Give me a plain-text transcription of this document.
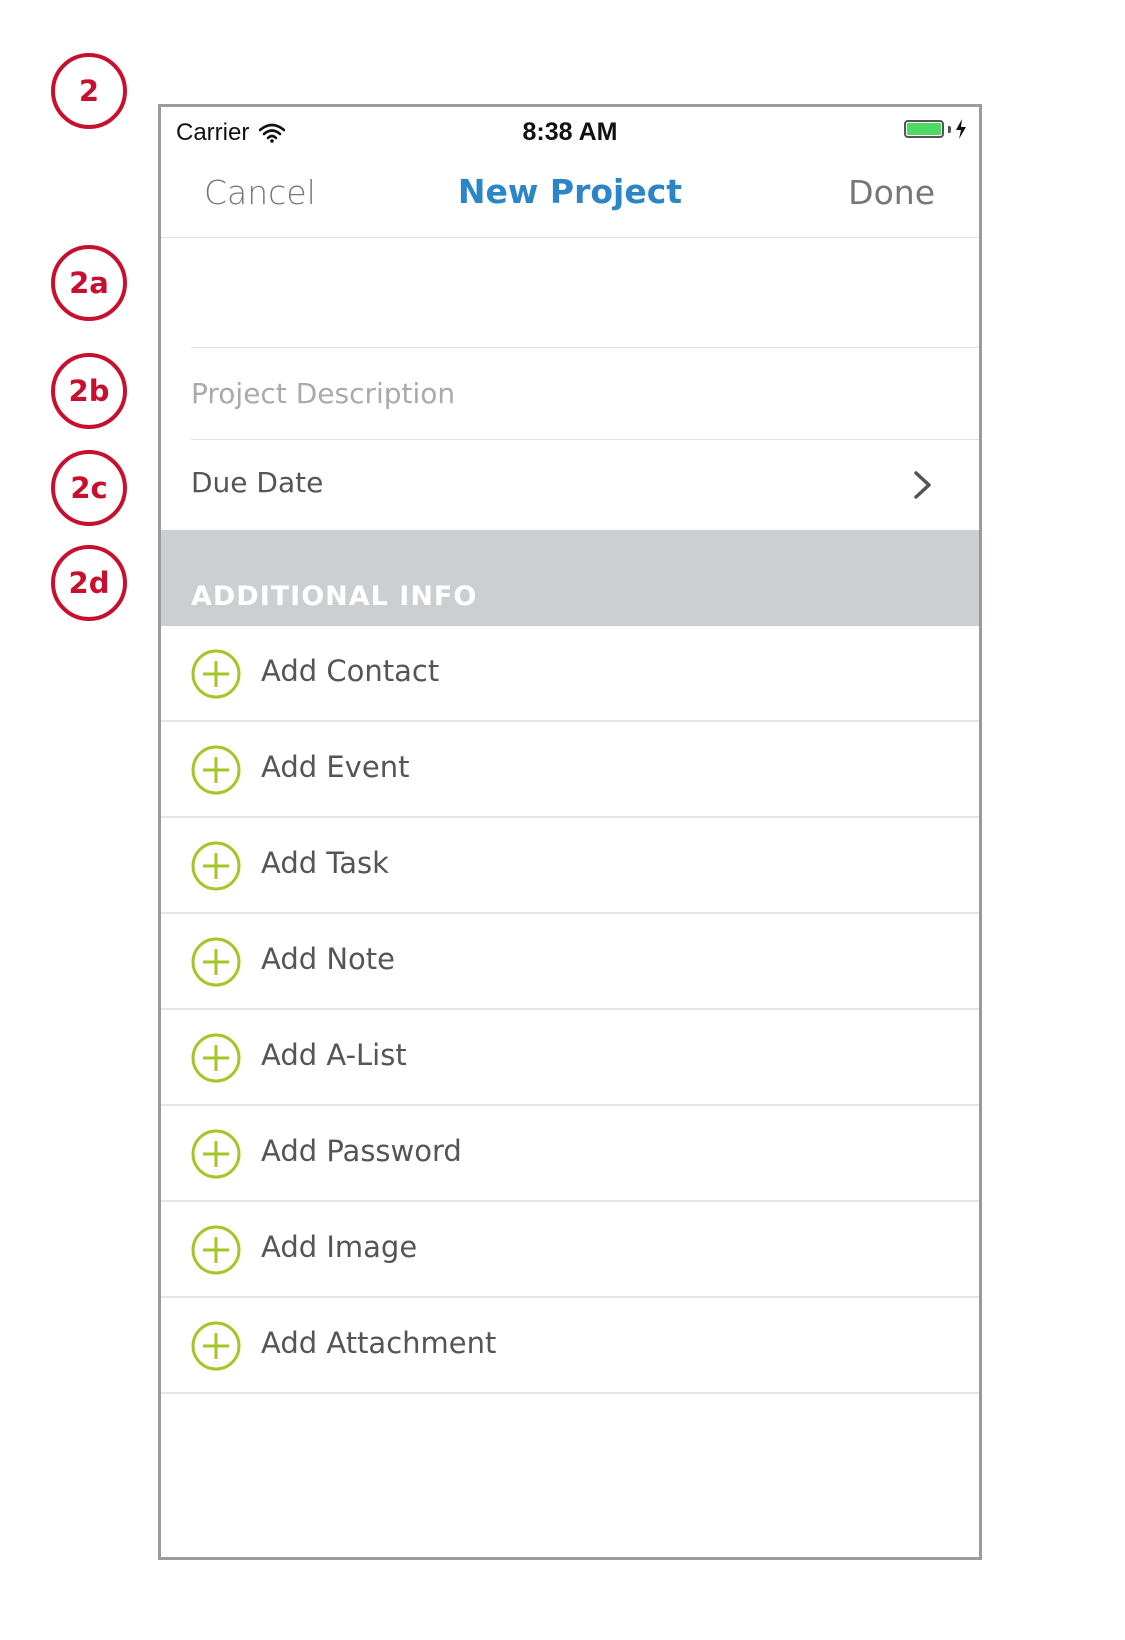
2
2a
2b
2c
2d
Carrier	8:38 AM
Cancel	New Project	Done
Project Description
Due Date
ADDITIONAL INFO
Add Contact
Add Event
Add Task
Add Note
Add A-List
Add Password
Add Image
Add Attachment
